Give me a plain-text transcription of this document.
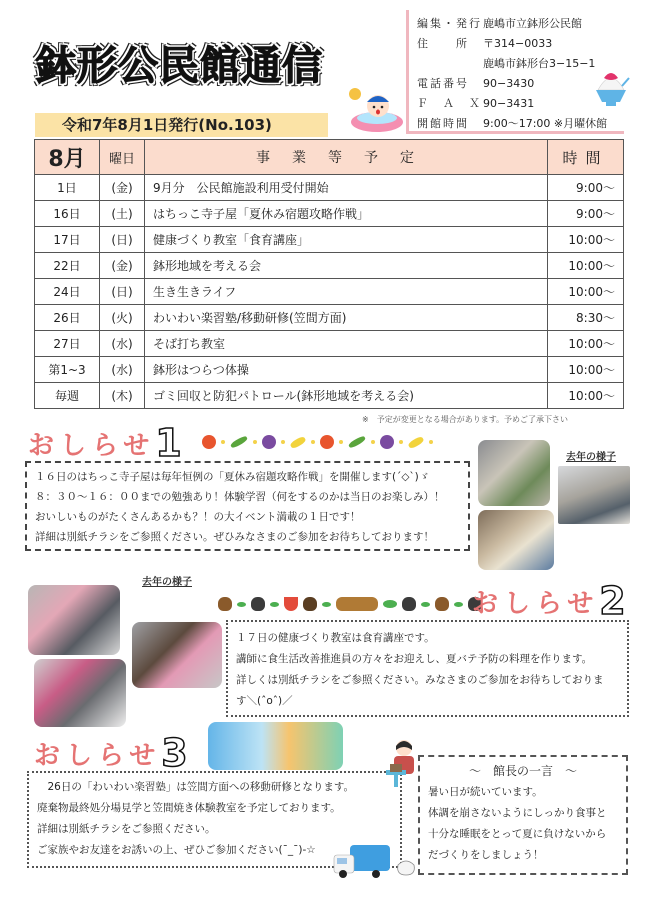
鉢形公民館通信
令和7年8月1日発行(No.103)
編集・発行 鹿嶋市立鉢形公民館
住　　所	〒314−0033
鹿嶋市鉢形台3−15−1
電話番号	90−3430
Ｆ　Ａ　Ｘ 90−3431
開館時間	9:00〜17:00 ※月曜休館
8月	曜日	事業等予定	時間
1日	(金)	9月分　公民館施設利用受付開始	9:00〜
16日	(土)	はちっこ寺子屋「夏休み宿題攻略作戦」	9:00〜
17日	(日)	健康づくり教室「食育講座」	10:00〜
22日	(金)	鉢形地域を考える会	10:00〜
24日	(日)	生き生きライフ	10:00〜
26日	(火)	わいわい楽習塾/移動研修(笠間方面)	8:30〜
27日	(水)	そば打ち教室	10:00〜
第1~3	(水)	鉢形はつらつ体操	10:00〜
毎週	(木)	ゴミ回収と防犯パトロール(鉢形地域を考える会)	10:00〜
※　予定が変更となる場合があります。予めご了承下さい
おしらせ 1
１６日のはちっこ寺子屋は毎年恒例の「夏休み宿題攻略作戦」を開催します(ˊ◇ˋ)ゞ
８：３０〜１６：００までの勉強あり！体験学習（何をするのかは当日のお楽しみ）！
おいしいものがたくさんあるかも？！の大イベント満載の１日です！
詳細は別紙チラシをご参照ください。ぜひみなさまのご参加をお待ちしております！
去年の様子
去年の様子
おしらせ 2
１７日の健康づくり教室は食育講座です。
講師に食生活改善推進員の方々をお迎えし、夏バテ予防の料理を作ります。
詳しくは別紙チラシをご参照ください。みなさまのご参加をお待ちしておりま
す＼(ˆoˆ)／
おしらせ 3
　26日の「わいわい楽習塾」は笠間方面への移動研修となります。
廃棄物最終処分場見学と笠間焼き体験教室を予定しております。
詳細は別紙チラシをご参照ください。
ご家族やお友達をお誘いの上、ぜひご参加ください(ˉ_ˉ)-☆
〜　館長の一言　〜
暑い日が続いています。
体調を崩さないようにしっかり食事と
十分な睡眠をとって夏に負けないから
だづくりをしましょう！
